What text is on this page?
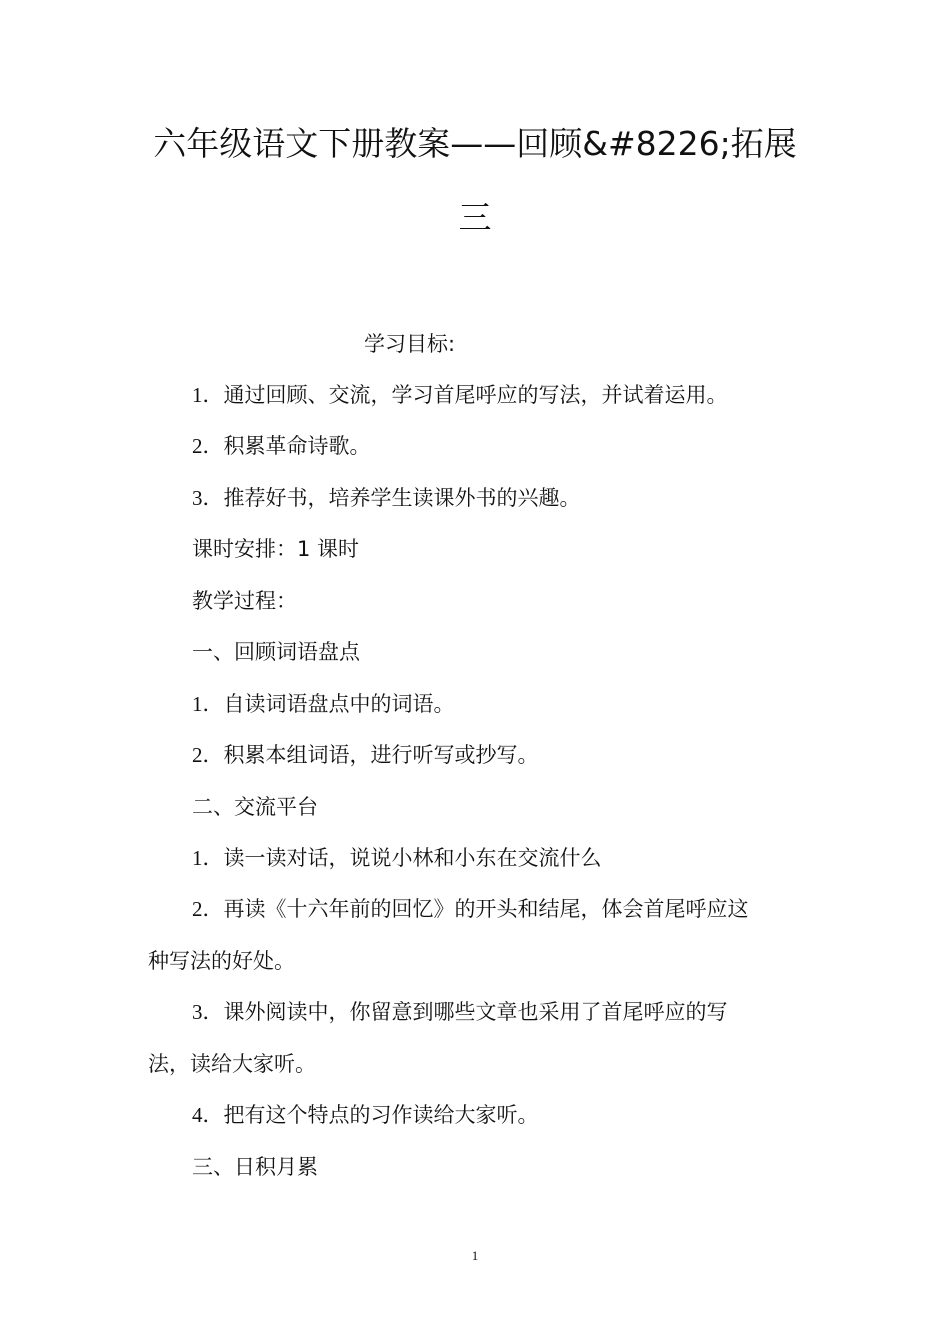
六年级语文下册教案——回顾&#8226;拓展
三
学习目标:
1．通过回顾、交流，学习首尾呼应的写法，并试着运用。
2．积累革命诗歌。
3．推荐好书，培养学生读课外书的兴趣。
课时安排：1 课时
教学过程：
一、回顾词语盘点
1．自读词语盘点中的词语。
2．积累本组词语，进行听写或抄写。
二、交流平台
1．读一读对话，说说小林和小东在交流什么
2．再读《十六年前的回忆》的开头和结尾，体会首尾呼应这
种写法的好处。
3．课外阅读中，你留意到哪些文章也采用了首尾呼应的写
法，读给大家听。
4．把有这个特点的习作读给大家听。
三、日积月累
1
